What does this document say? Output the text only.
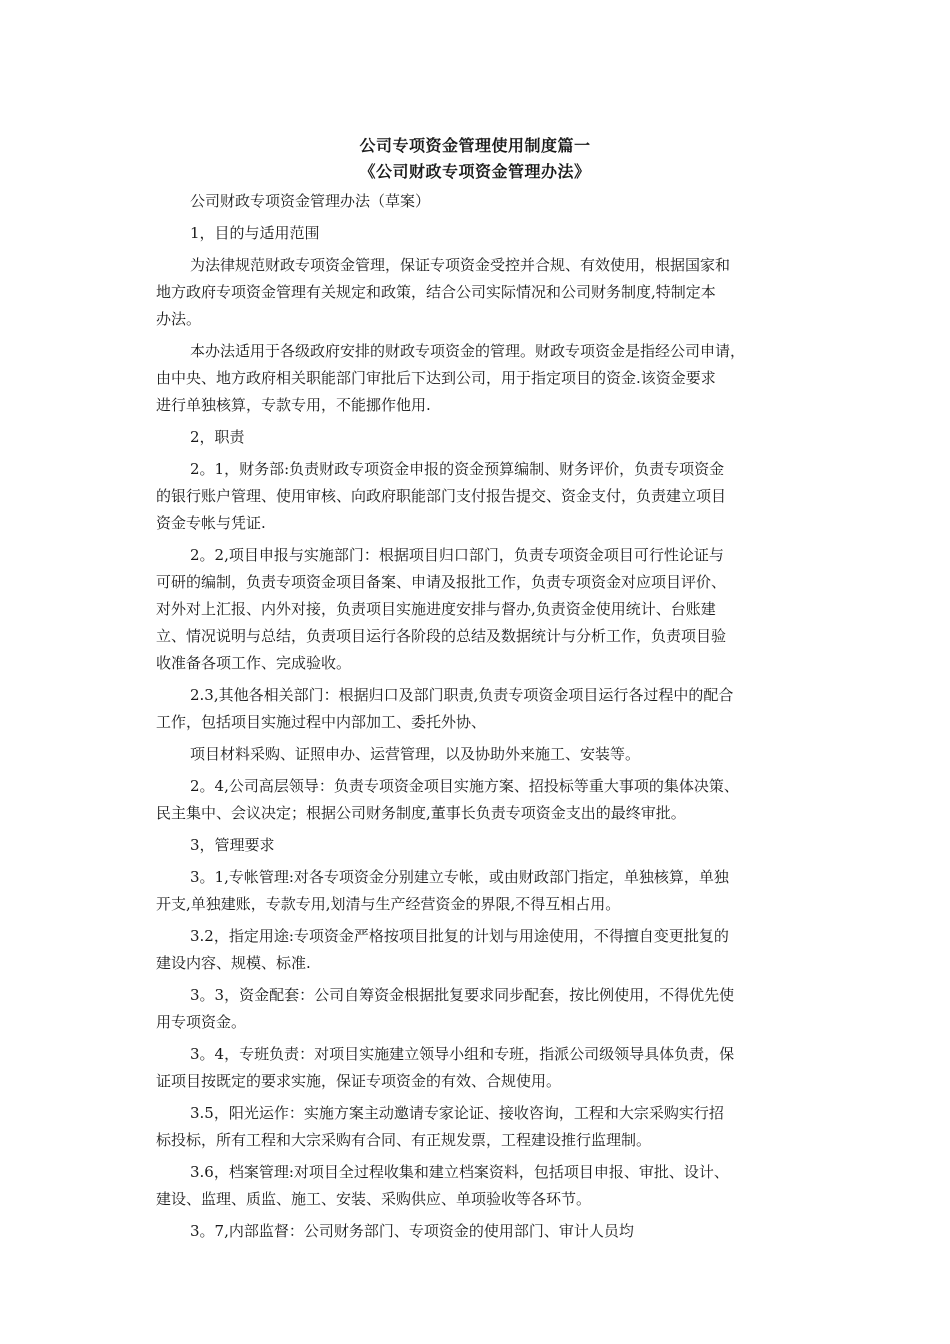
公司专项资金管理使用制度篇一
《公司财政专项资金管理办法》
公司财政专项资金管理办法（草案）
1，目的与适用范围
为法律规范财政专项资金管理，保证专项资金受控并合规、有效使用，根据国家和
地方政府专项资金管理有关规定和政策，结合公司实际情况和公司财务制度,特制定本
办法。
本办法适用于各级政府安排的财政专项资金的管理。财政专项资金是指经公司申请，
由中央、地方政府相关职能部门审批后下达到公司，用于指定项目的资金.该资金要求
进行单独核算，专款专用，不能挪作他用.
2，职责
2。1，财务部:负责财政专项资金申报的资金预算编制、财务评价，负责专项资金
的银行账户管理、使用审核、向政府职能部门支付报告提交、资金支付，负责建立项目
资金专帐与凭证.
2。2,项目申报与实施部门：根据项目归口部门，负责专项资金项目可行性论证与
可研的编制，负责专项资金项目备案、申请及报批工作，负责专项资金对应项目评价、
对外对上汇报、内外对接，负责项目实施进度安排与督办,负责资金使用统计、台账建
立、情况说明与总结，负责项目运行各阶段的总结及数据统计与分析工作，负责项目验
收准备各项工作、完成验收。
2.3,其他各相关部门：根据归口及部门职责,负责专项资金项目运行各过程中的配合
工作，包括项目实施过程中内部加工、委托外协、
项目材料采购、证照申办、运营管理，以及协助外来施工、安装等。
2。4,公司高层领导：负责专项资金项目实施方案、招投标等重大事项的集体决策、
民主集中、会议决定；根据公司财务制度,董事长负责专项资金支出的最终审批。
3，管理要求
3。1,专帐管理:对各专项资金分别建立专帐，或由财政部门指定，单独核算，单独
开支,单独建账，专款专用,划清与生产经营资金的界限,不得互相占用。
3.2，指定用途:专项资金严格按项目批复的计划与用途使用，不得擅自变更批复的
建设内容、规模、标准.
3。3，资金配套：公司自筹资金根据批复要求同步配套，按比例使用，不得优先使
用专项资金。
3。4，专班负责：对项目实施建立领导小组和专班，指派公司级领导具体负责，保
证项目按既定的要求实施，保证专项资金的有效、合规使用。
3.5，阳光运作：实施方案主动邀请专家论证、接收咨询，工程和大宗采购实行招
标投标，所有工程和大宗采购有合同、有正规发票，工程建设推行监理制。
3.6，档案管理:对项目全过程收集和建立档案资料，包括项目申报、审批、设计、
建设、监理、质监、施工、安装、采购供应、单项验收等各环节。
3。7,内部监督：公司财务部门、专项资金的使用部门、审计人员均
